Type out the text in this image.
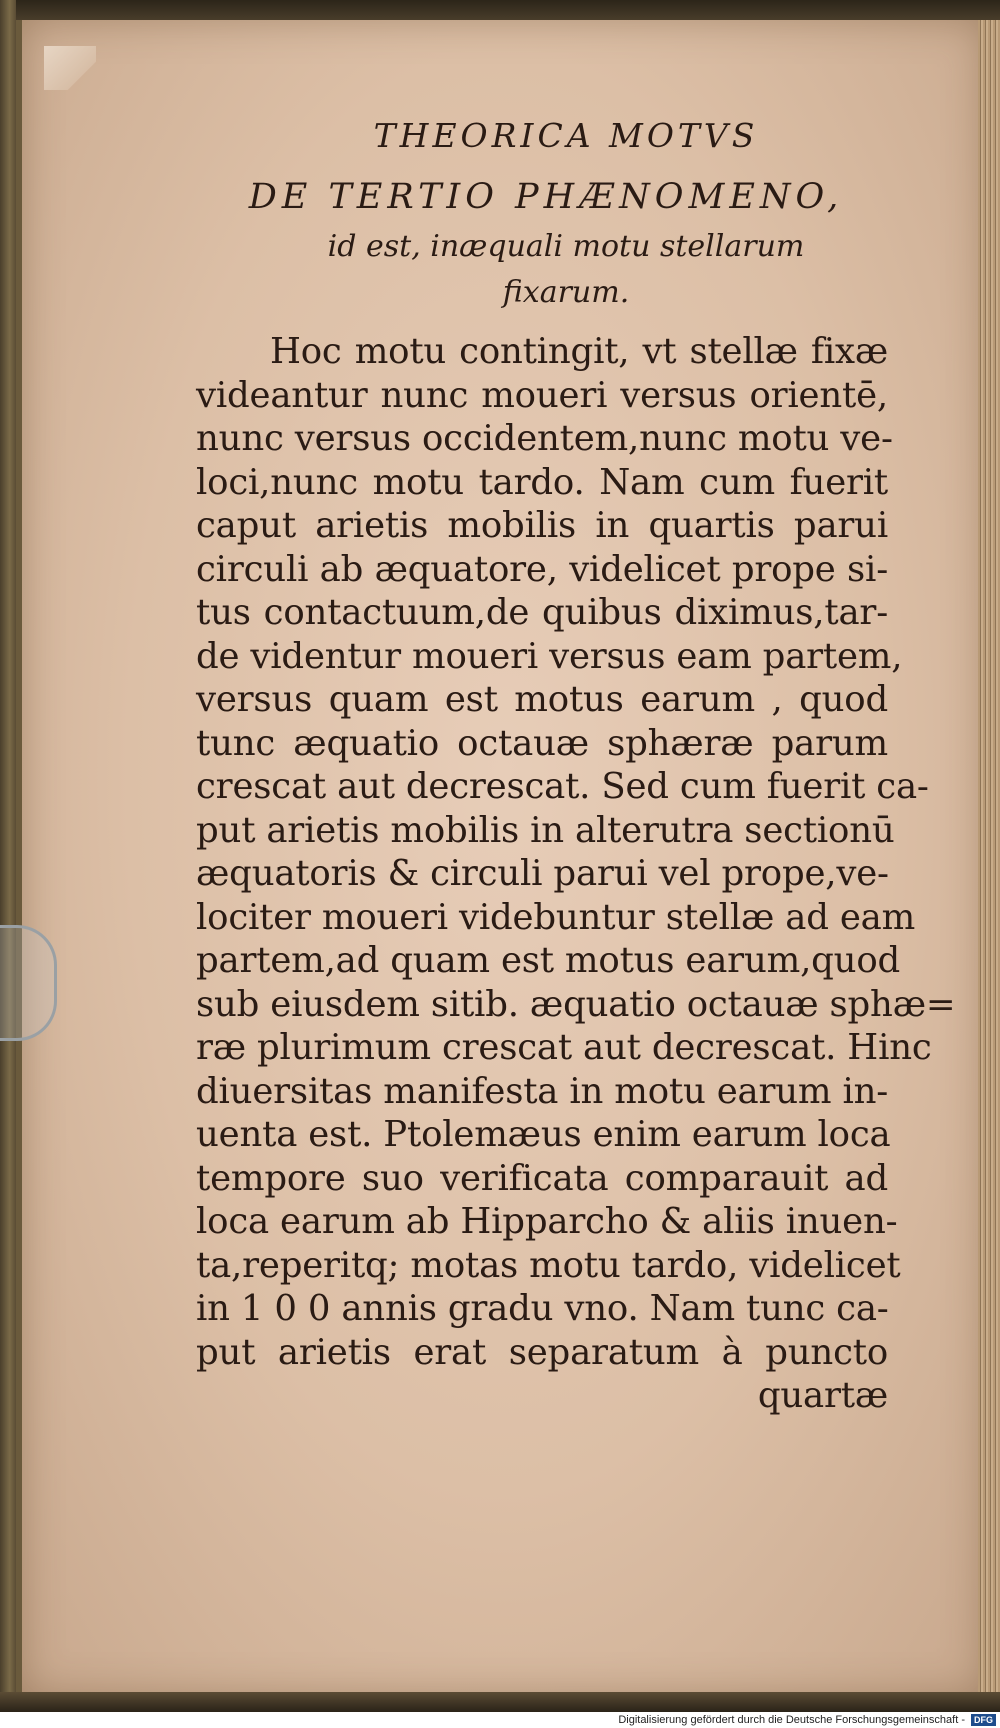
THEORICA MOTVS
DE TERTIO PHÆNOMENO,
id est, inæquali motu stellarum
fixarum.
Hoc motu contingit, vt stellæ fixæ
videantur nunc moueri versus orientē,
nunc versus occidentem,nunc motu ve-
loci,nunc motu tardo. Nam cum fuerit
caput arietis mobilis in quartis parui
circuli ab æquatore, videlicet prope si-
tus contactuum,de quibus diximus,tar-
de videntur moueri versus eam partem,
versus quam est motus earum , quod
tunc æquatio octauæ sphæræ parum
crescat aut decrescat. Sed cum fuerit ca-
put arietis mobilis in alterutra sectionū
æquatoris & circuli parui vel prope,ve-
lociter moueri videbuntur stellæ ad eam
partem,ad quam est motus earum,quod
sub eiusdem sitib. æquatio octauæ sphæ=
ræ plurimum crescat aut decrescat. Hinc
diuersitas manifesta in motu earum in-
uenta est. Ptolemæus enim earum loca
tempore suo verificata comparauit ad
loca earum ab Hipparcho & aliis inuen-
ta,reperitq; motas motu tardo, videlicet
in 1 0 0 annis gradu vno. Nam tunc ca-
put arietis erat separatum à puncto
quartæ
Digitalisierung gefördert durch die Deutsche Forschungsgemeinschaft - DFG
